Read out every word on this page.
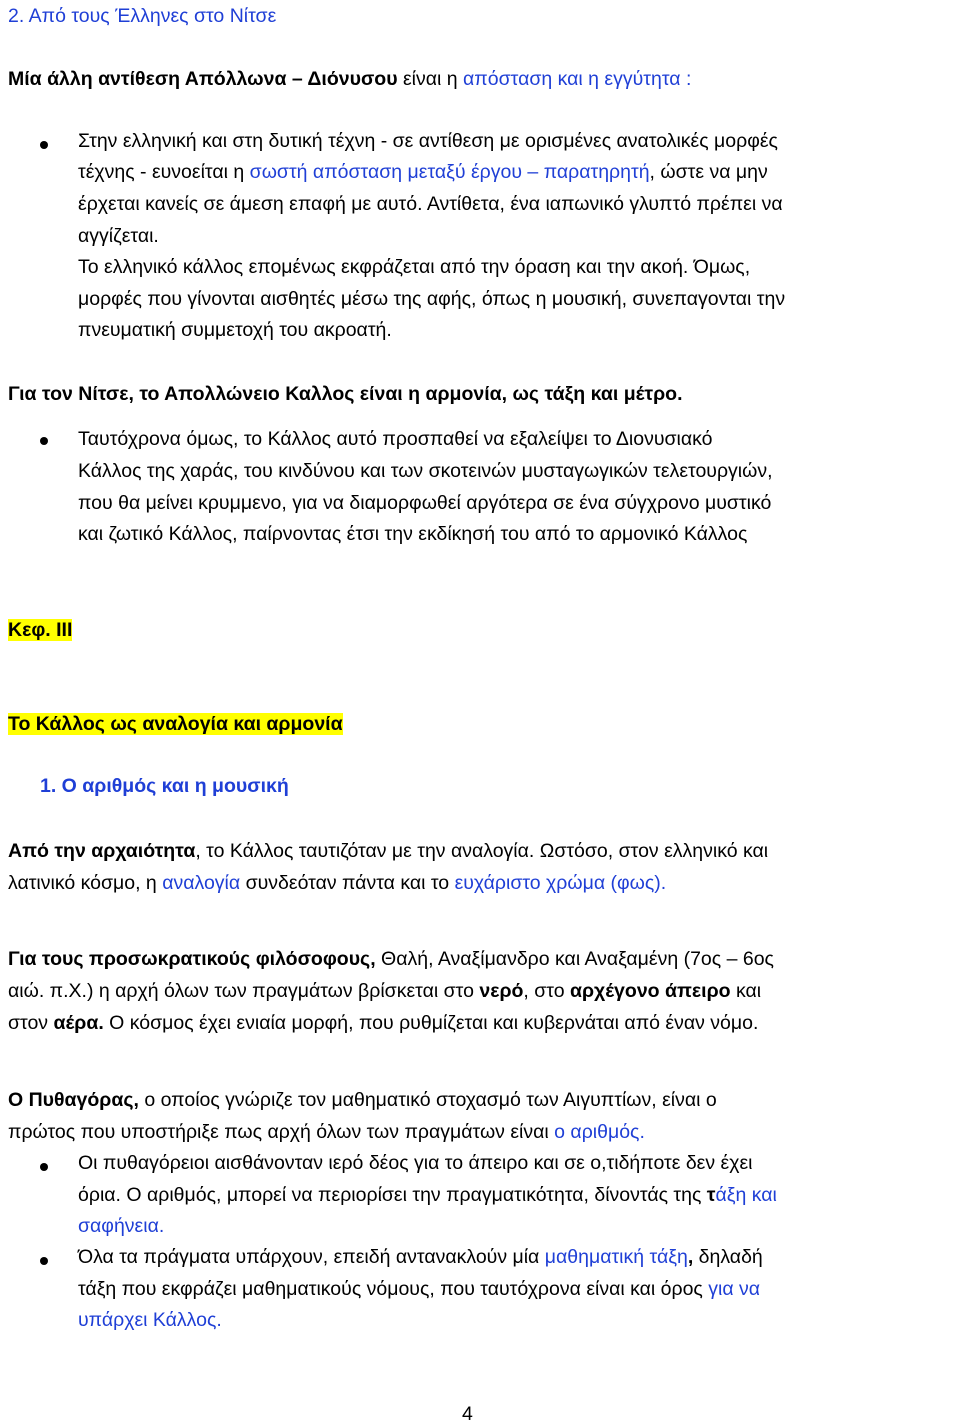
2. Από τους Έλληνες στο Νίτσε
Μία άλλη αντίθεση Απόλλωνα – Διόνυσου είναι η απόσταση και η εγγύτητα :
Στην ελληνική και στη δυτική τέχνη - σε αντίθεση με ορισμένες ανατολικές μορφές
τέχνης - ευνοείται η σωστή απόσταση μεταξύ έργου – παρατηρητή, ώστε να μην
έρχεται κανείς σε άμεση επαφή με αυτό. Αντίθετα, ένα ιαπωνικό γλυπτό πρέπει να
αγγίζεται.
Το ελληνικό κάλλος επομένως εκφράζεται από την όραση και την ακοή. Όμως,
μορφές που γίνονται αισθητές μέσω της αφής, όπως η μουσική, συνεπαγονται την
πνευματική συμμετοχή του ακροατή.
Για τον Νίτσε, το Απολλώνειο Καλλος είναι η αρμονία, ως τάξη και μέτρο.
Ταυτόχρονα όμως, το Κάλλος αυτό προσπαθεί να εξαλείψει το Διονυσιακό
Κάλλος της χαράς, του κινδύνου και των σκοτεινών μυσταγωγικών τελετουργιών,
που θα μείνει κρυμμενο, για να διαμορφωθεί αργότερα σε ένα σύγχρονο μυστικό
και ζωτικό Κάλλος, παίρνοντας έτσι την εκδίκησή του από το αρμονικό Κάλλος
Κεφ. ΙΙΙ
Το Κάλλος ως αναλογία και αρμονία
1. Ο αριθμός και η μουσική
Από την αρχαιότητα, το Κάλλος ταυτιζόταν με την αναλογία. Ωστόσο, στον ελληνικό και
λατινικό κόσμο, η αναλογία συνδεόταν πάντα και το ευχάριστο χρώμα (φως).
Για τους προσωκρατικούς φιλόσοφους, Θαλή, Αναξίμανδρο και Αναξαμένη (7ος – 6ος
αιώ. π.Χ.) η αρχή όλων των πραγμάτων βρίσκεται στο νερό, στο αρχέγονο άπειρο και
στον αέρα. Ο κόσμος έχει ενιαία μορφή, που ρυθμίζεται και κυβερνάται από έναν νόμο.
Ο Πυθαγόρας, ο οποίος γνώριζε τον μαθηματικό στοχασμό των Αιγυπτίων, είναι ο
πρώτος που υποστήριξε πως αρχή όλων των πραγμάτων είναι ο αριθμός.
Οι πυθαγόρειοι αισθάνονταν ιερό δέος για το άπειρο και σε ο,τιδήποτε δεν έχει
όρια. Ο αριθμός, μπορεί να περιορίσει την πραγματικότητα, δίνοντάς της τάξη και
σαφήνεια.
Όλα τα πράγματα υπάρχουν, επειδή αντανακλούν μία μαθηματική τάξη, δηλαδή
τάξη που εκφράζει μαθηματικούς νόμους, που ταυτόχρονα είναι και όρος για να
υπάρχει Κάλλος.
4
